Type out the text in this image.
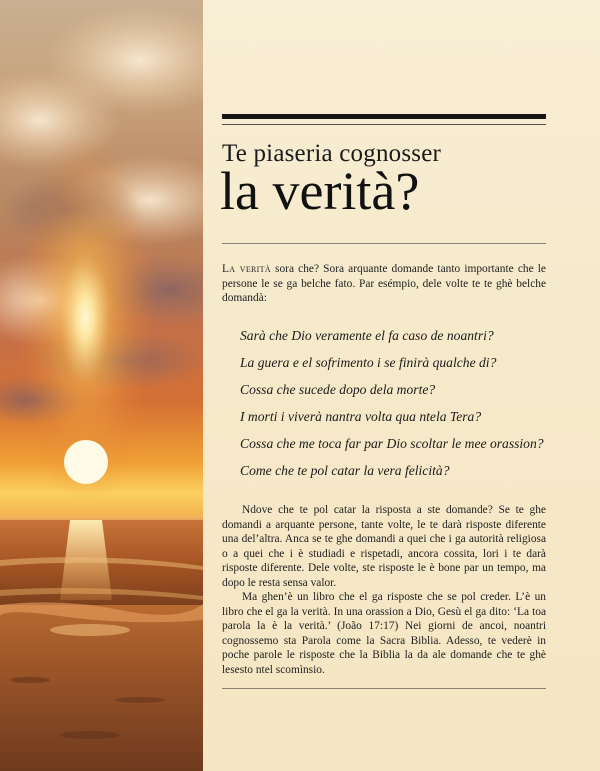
Te piaseria cognosser
la verità?

La verità sora che? Sora arquante domande tanto importante che le persone le se ga belche fato. Par esémpio, dele volte te te ghè belche domandà:

Sarà che Dio veramente el fa caso de noantri?
La guera e el sofrimento i se finirà qualche di?
Cossa che sucede dopo dela morte?
I morti i viverà nantra volta qua ntela Tera?
Cossa che me toca far par Dio scoltar le mee orassion?
Come che te pol catar la vera felicità?

Ndove che te pol catar la risposta a ste domande? Se te ghe domandi a arquante persone, tante volte, le te darà risposte diferente una del’altra. Anca se te ghe domandi a quei che i ga autorità religiosa o a quei che i è studiadi e rispetadi, ancora cossita, lori i te darà risposte diferente. Dele volte, ste risposte le è bone par un tempo, ma dopo le resta sensa valor.

Ma ghen’è un libro che el ga risposte che se pol creder. L’è un libro che el ga la verità. In una orassion a Dio, Gesù el ga dito: ‘La toa parola la è la verità.’ (João 17:17) Nei giorni de ancoi, noantri cognossemo sta Parola come la Sacra Biblia. Adesso, te vederè in poche parole le risposte che la Biblia la da ale domande che te ghè lesesto ntel scomìnsio.
